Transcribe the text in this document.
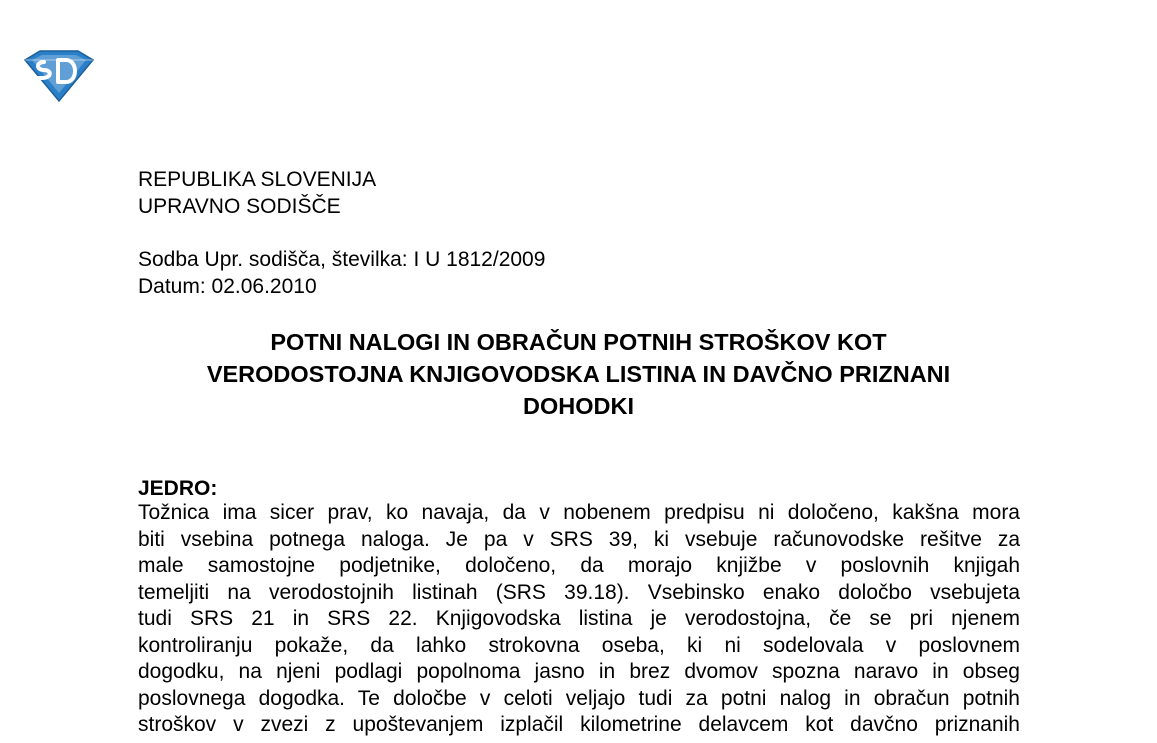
REPUBLIKA SLOVENIJA
UPRAVNO SODIŠČE
Sodba Upr. sodišča, številka: I U 1812/2009
Datum: 02.06.2010
POTNI NALOGI IN OBRAČUN POTNIH STROŠKOV KOT
VERODOSTOJNA KNJIGOVODSKA LISTINA IN DAVČNO PRIZNANI
DOHODKI
JEDRO:
Tožnica ima sicer prav, ko navaja, da v nobenem predpisu ni določeno, kakšna mora
biti vsebina potnega naloga. Je pa v SRS 39, ki vsebuje računovodske rešitve za
male samostojne podjetnike, določeno, da morajo knjižbe v poslovnih knjigah
temeljiti na verodostojnih listinah (SRS 39.18). Vsebinsko enako določbo vsebujeta
tudi SRS 21 in SRS 22. Knjigovodska listina je verodostojna, če se pri njenem
kontroliranju pokaže, da lahko strokovna oseba, ki ni sodelovala v poslovnem
dogodku, na njeni podlagi popolnoma jasno in brez dvomov spozna naravo in obseg
poslovnega dogodka. Te določbe v celoti veljajo tudi za potni nalog in obračun potnih
stroškov v zvezi z upoštevanjem izplačil kilometrine delavcem kot davčno priznanih
